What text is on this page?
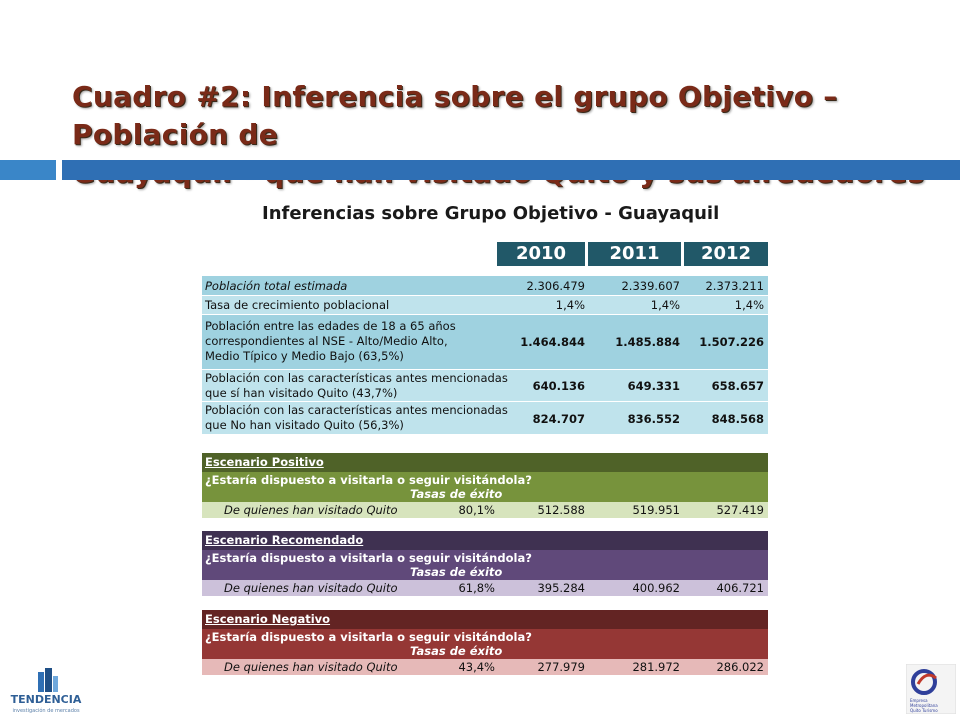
Cuadro #2: Inferencia sobre el grupo Objetivo – Población de

Inferencias sobre Grupo Objetivo - Guayaquil
2010	2011	2012
Población total estimada	2.306.479	2.339.607	2.373.211
Tasa de crecimiento poblacional	1,4%	1,4%	1,4%
Población entre las edades de 18 a 65 años
correspondientes al NSE - Alto/Medio Alto,
Medio Típico y Medio Bajo (63,5%)
1.464.844	1.485.884	1.507.226
Población con las características antes mencionadas
que sí han visitado Quito (43,7%)	640.136	649.331	658.657
Población con las características antes mencionadas
que No han visitado Quito (56,3%)	824.707	836.552	848.568
Escenario Positivo
¿Estaría dispuesto a visitarla o seguir visitándola?
Tasas de éxito
De quienes han visitado Quito	80,1%	512.588	519.951	527.419
Escenario Recomendado
¿Estaría dispuesto a visitarla o seguir visitándola?
Tasas de éxito
De quienes han visitado Quito	61,8%	395.284	400.962	406.721
Escenario Negativo
¿Estaría dispuesto a visitarla o seguir visitándola?
Tasas de éxito
De quienes han visitado Quito	43,4%	277.979	281.972	286.022
TENDENCIA
investigación de mercados
Empresa
Metropolitana
Quito Turismo
